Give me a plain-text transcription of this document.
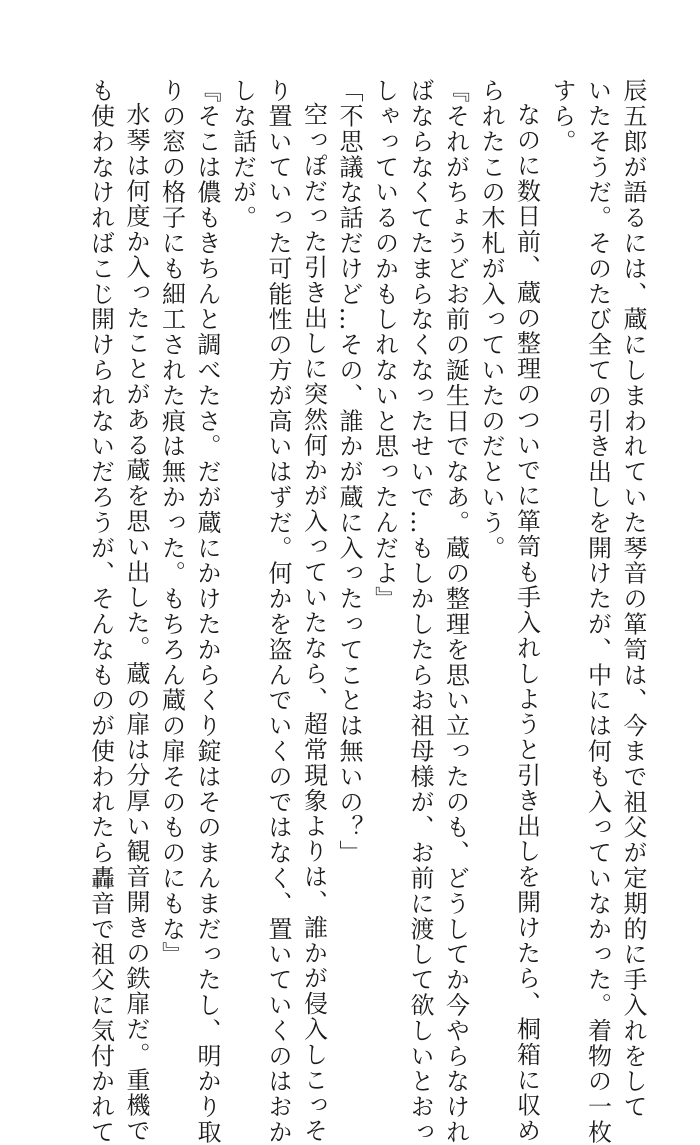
辰五郎が語るには、蔵にしまわれていた琴音の箪笥は、今まで祖父が定期的に手入れをして
いたそうだ。そのたび全ての引き出しを開けたが、中には何も入っていなかった。着物の一枚
すら。
なのに数日前、蔵の整理のついでに箪笥も手入れしようと引き出しを開けたら、桐箱に収め
られたこの木札が入っていたのだという。
『それがちょうどお前の誕生日でなあ。蔵の整理を思い立ったのも、どうしてか今やらなけれ
ばならなくてたまらなくなったせいで…もしかしたらお祖母様が、お前に渡して欲しいとおっ
しゃっているのかもしれないと思ったんだよ』
「不思議な話だけど…その、誰かが蔵に入ったってことは無いの？」
空っぽだった引き出しに突然何かが入っていたなら、超常現象よりは、誰かが侵入しこっそ
り置いていった可能性の方が高いはずだ。何かを盗んでいくのではなく、置いていくのはおか
しな話だが。
『そこは儂もきちんと調べたさ。だが蔵にかけたからくり錠はそのまんまだったし、明かり取
りの窓の格子にも細工された痕は無かった。もちろん蔵の扉そのものにもな』
水琴は何度か入ったことがある蔵を思い出した。蔵の扉は分厚い観音開きの鉄扉だ。重機で
も使わなければこじ開けられないだろうが、そんなものが使われたら轟音で祖父に気付かれて
